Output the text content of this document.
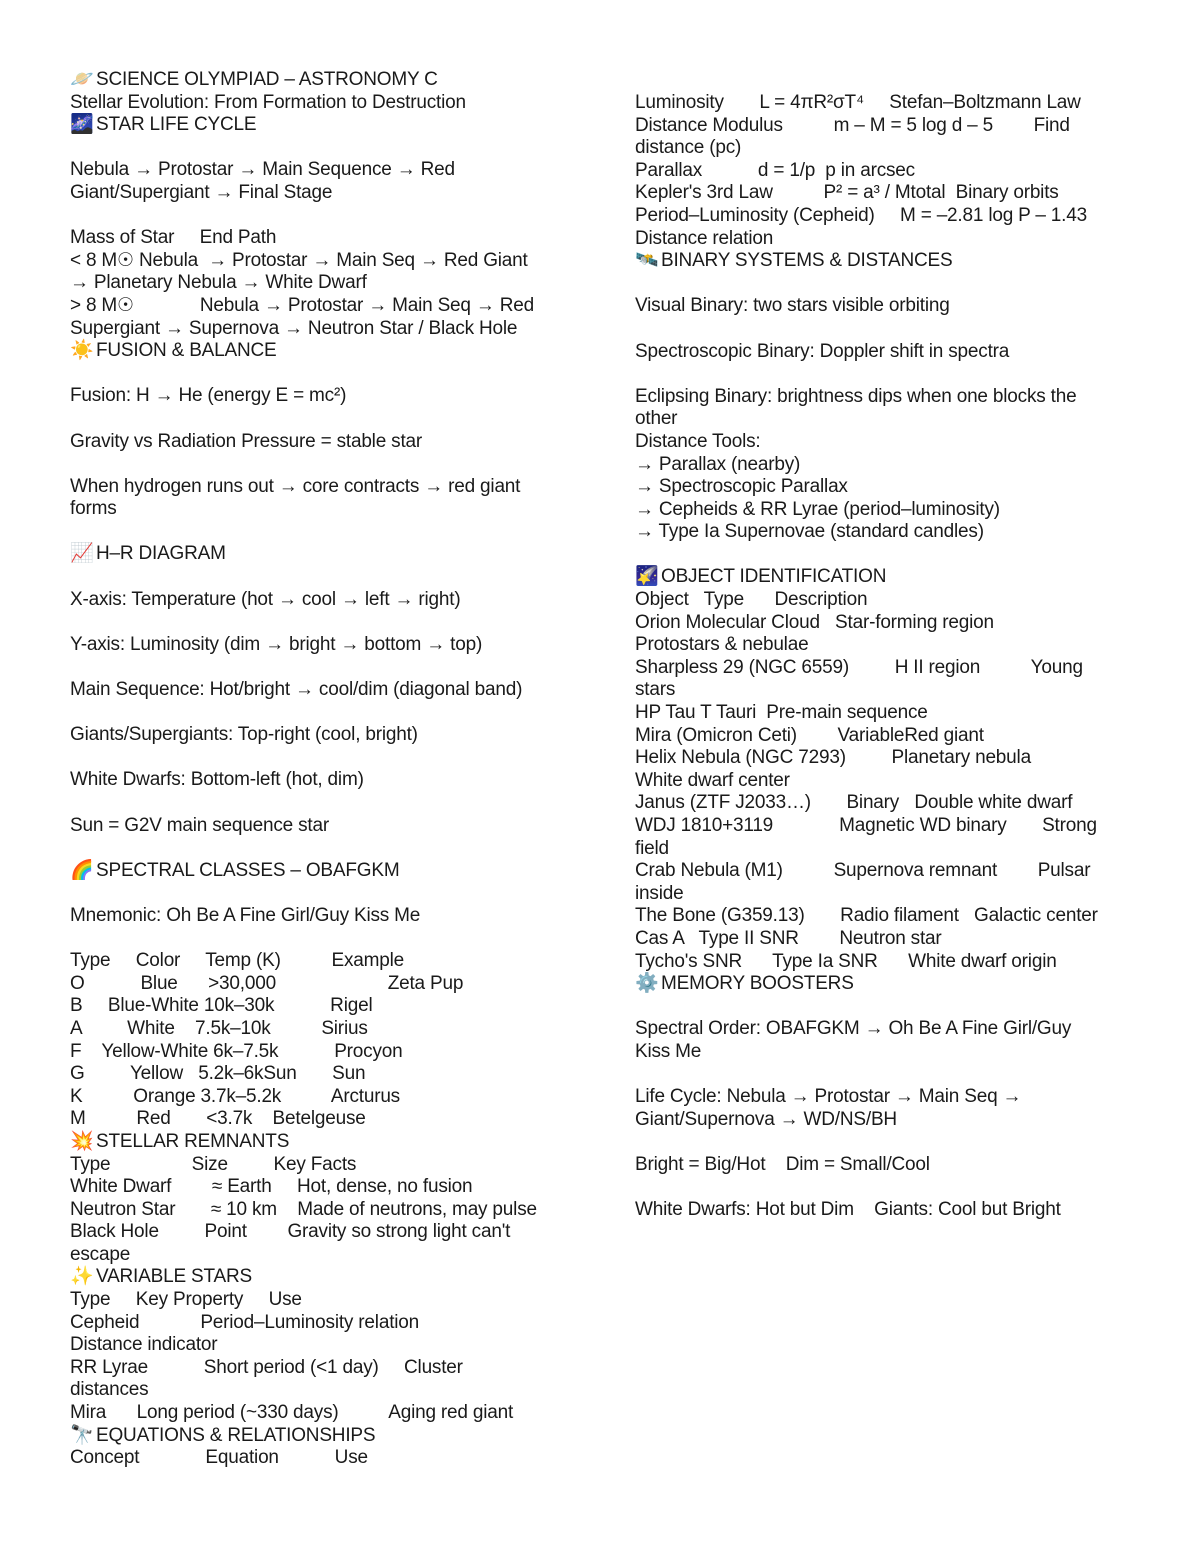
🪐 SCIENCE OLYMPIAD – ASTRONOMY C
Stellar Evolution: From Formation to Destruction
🌌 STAR LIFE CYCLE
Nebula → Protostar → Main Sequence → Red
Giant/Supergiant → Final Stage
Mass of Star     End Path
< 8 M☉ Nebula  → Protostar → Main Seq → Red Giant
→ Planetary Nebula → White Dwarf
> 8 M☉             Nebula → Protostar → Main Seq → Red
Supergiant → Supernova → Neutron Star / Black Hole
☀️ FUSION & BALANCE
Fusion: H → He (energy E = mc²)
Gravity vs Radiation Pressure = stable star
When hydrogen runs out → core contracts → red giant
forms
📈 H–R DIAGRAM
X-axis: Temperature (hot → cool → left → right)
Y-axis: Luminosity (dim → bright → bottom → top)
Main Sequence: Hot/bright → cool/dim (diagonal band)
Giants/Supergiants: Top-right (cool, bright)
White Dwarfs: Bottom-left (hot, dim)
Sun = G2V main sequence star
🌈 SPECTRAL CLASSES – OBAFGKM
Mnemonic: Oh Be A Fine Girl/Guy Kiss Me
Type     Color     Temp (K)          Example
O           Blue      >30,000                      Zeta Pup
B     Blue-White 10k–30k           Rigel
A         White    7.5k–10k          Sirius
F    Yellow-White 6k–7.5k           Procyon
G         Yellow   5.2k–6kSun       Sun
K          Orange 3.7k–5.2k          Arcturus
M          Red       <3.7k    Betelgeuse
💥 STELLAR REMNANTS
Type                Size         Key Facts
White Dwarf        ≈ Earth     Hot, dense, no fusion
Neutron Star       ≈ 10 km    Made of neutrons, may pulse
Black Hole         Point        Gravity so strong light can't
escape
✨ VARIABLE STARS
Type     Key Property     Use
Cepheid            Period–Luminosity relation
Distance indicator
RR Lyrae           Short period (<1 day)     Cluster
distances
Mira      Long period (~330 days)          Aging red giant
🔭 EQUATIONS & RELATIONSHIPS
Concept             Equation           Use
Luminosity       L = 4πR²σT⁴     Stefan–Boltzmann Law
Distance Modulus          m – M = 5 log d – 5        Find
distance (pc)
Parallax           d = 1/p  p in arcsec
Kepler's 3rd Law          P² = a³ / Mtotal  Binary orbits
Period–Luminosity (Cepheid)     M = –2.81 log P – 1.43
Distance relation
🛰️ BINARY SYSTEMS & DISTANCES
Visual Binary: two stars visible orbiting
Spectroscopic Binary: Doppler shift in spectra
Eclipsing Binary: brightness dips when one blocks the
other
Distance Tools:
→ Parallax (nearby)
→ Spectroscopic Parallax
→ Cepheids & RR Lyrae (period–luminosity)
→ Type Ia Supernovae (standard candles)
🌠 OBJECT IDENTIFICATION
Object   Type      Description
Orion Molecular Cloud   Star-forming region
Protostars & nebulae
Sharpless 29 (NGC 6559)         H II region          Young
stars
HP Tau T Tauri  Pre-main sequence
Mira (Omicron Ceti)        VariableRed giant
Helix Nebula (NGC 7293)         Planetary nebula
White dwarf center
Janus (ZTF J2033…)       Binary   Double white dwarf
WDJ 1810+3119             Magnetic WD binary       Strong
field
Crab Nebula (M1)          Supernova remnant        Pulsar
inside
The Bone (G359.13)       Radio filament   Galactic center
Cas A   Type II SNR        Neutron star
Tycho's SNR      Type Ia SNR      White dwarf origin
⚙️ MEMORY BOOSTERS
Spectral Order: OBAFGKM → Oh Be A Fine Girl/Guy
Kiss Me
Life Cycle: Nebula → Protostar → Main Seq →
Giant/Supernova → WD/NS/BH
Bright = Big/Hot    Dim = Small/Cool
White Dwarfs: Hot but Dim    Giants: Cool but Bright
